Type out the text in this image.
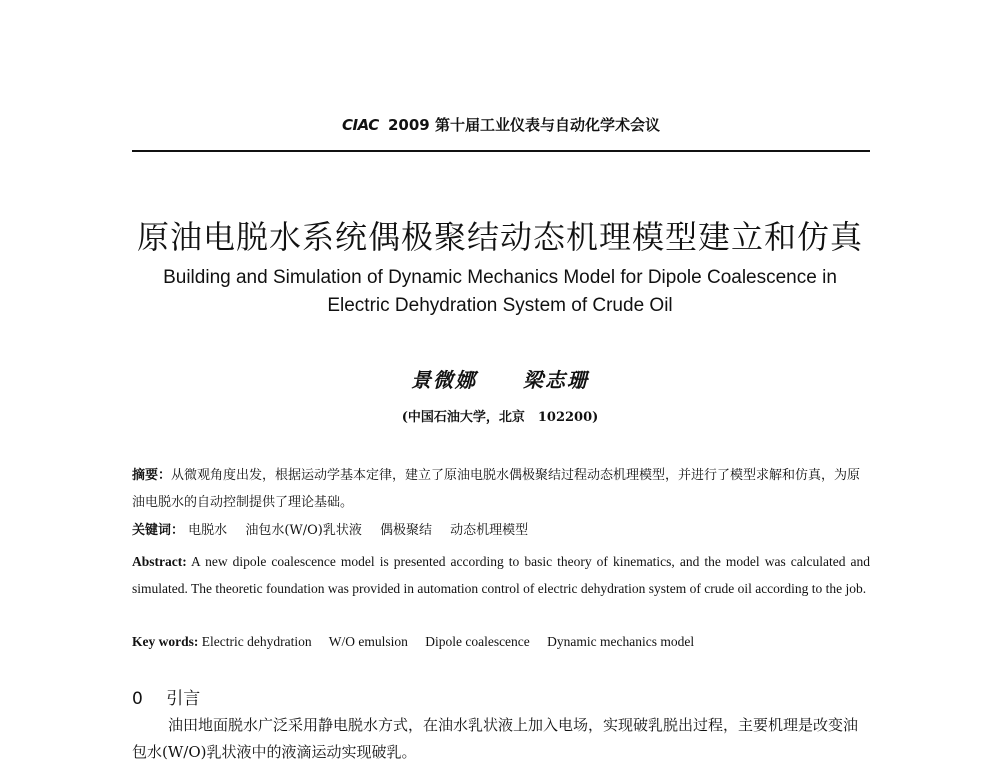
CIAC 2009 第十届工业仪表与自动化学术会议
原油电脱水系统偶极聚结动态机理模型建立和仿真
Building and Simulation of Dynamic Mechanics Model for Dipole Coalescence in
Electric Dehydration System of Crude Oil
景微娜 梁志珊
(中国石油大学，北京　102200)
摘要：从微观角度出发，根据运动学基本定律，建立了原油电脱水偶极聚结过程动态机理模型，并进行了模型求解和仿真，为原油电脱水的自动控制提供了理论基础。
关键词： 电脱水 油包水(W/O)乳状液 偶极聚结 动态机理模型
Abstract: A new dipole coalescence model is presented according to basic theory of kinematics, and the model was calculated and simulated. The theoretic foundation was provided in automation control of electric dehydration system of crude oil according to the job.
Key words: Electric dehydration W/O emulsion Dipole coalescence Dynamic mechanics model
0 引言
油田地面脱水广泛采用静电脱水方式，在油水乳状液上加入电场，实现破乳脱出过程，主要机理是改变油包水(W/O)乳状液中的液滴运动实现破乳。
